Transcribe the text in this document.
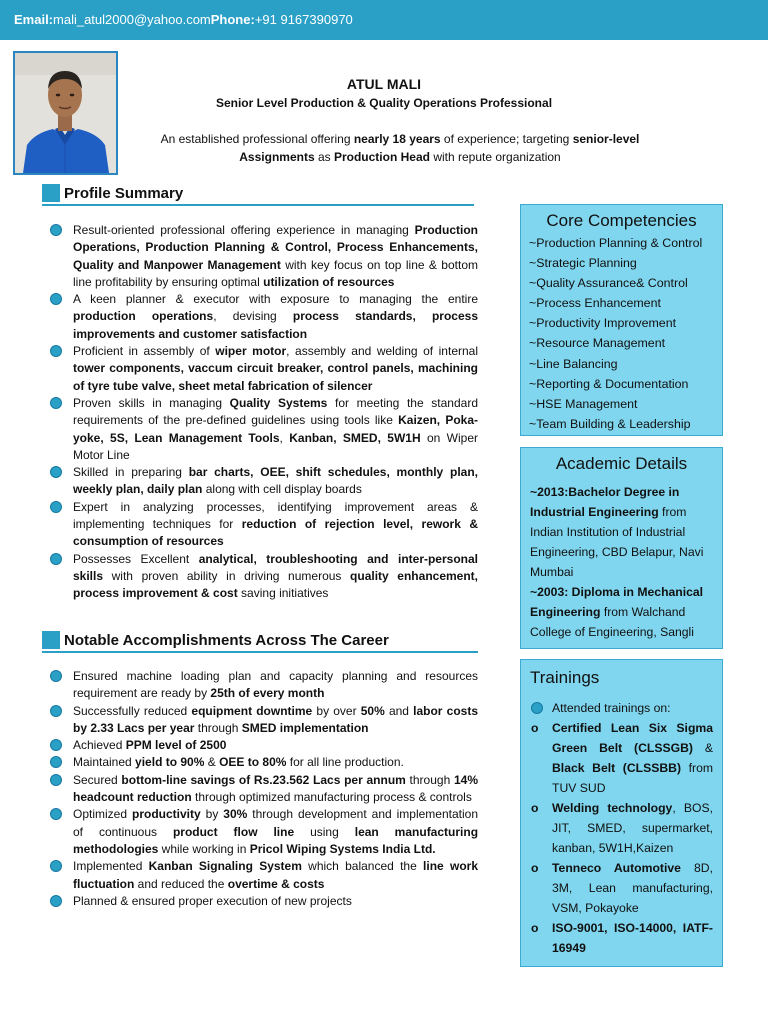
Email:mali_atul2000@yahoo.comPhone:+91 9167390970
ATUL MALI
Senior Level Production & Quality Operations Professional
An established professional offering nearly 18 years of experience; targeting senior-level Assignments as Production Head with repute organization
Profile Summary
Result-oriented professional offering experience in managing Production Operations, Production Planning & Control, Process Enhancements, Quality and Manpower Management with key focus on top line & bottom line profitability by ensuring optimal utilization of resources
A keen planner & executor with exposure to managing the entire production operations, devising process standards, process improvements and customer satisfaction
Proficient in assembly of wiper motor, assembly and welding of internal tower components, vaccum circuit breaker, control panels, machining of tyre tube valve, sheet metal fabrication of silencer
Proven skills in managing Quality Systems for meeting the standard requirements of the pre-defined guidelines using tools like Kaizen, Poka-yoke, 5S, Lean Management Tools, Kanban, SMED, 5W1H on Wiper Motor Line
Skilled in preparing bar charts, OEE, shift schedules, monthly plan, weekly plan, daily plan along with cell display boards
Expert in analyzing processes, identifying improvement areas & implementing techniques for reduction of rejection level, rework & consumption of resources
Possesses Excellent analytical, troubleshooting and inter-personal skills with proven ability in driving numerous quality enhancement, process improvement & cost saving initiatives
Notable Accomplishments Across The Career
Ensured machine loading plan and capacity planning and resources requirement are ready by 25th of every month
Successfully reduced equipment downtime by over 50% and labor costs by 2.33 Lacs per year through SMED implementation
Achieved PPM level of 2500
Maintained yield to 90% & OEE to 80% for all line production.
Secured bottom-line savings of Rs.23.562 Lacs per annum through 14% headcount reduction through optimized manufacturing process & controls
Optimized productivity by 30% through development and implementation of continuous product flow line using lean manufacturing methodologies while working in Pricol Wiping Systems India Ltd.
Implemented Kanban Signaling System which balanced the line work fluctuation and reduced the overtime & costs
Planned & ensured proper execution of new projects
Core Competencies
~Production Planning & Control
~Strategic Planning
~Quality Assurance& Control
~Process Enhancement
~Productivity Improvement
~Resource Management
~Line Balancing
~Reporting & Documentation
~HSE Management
~Team Building & Leadership
Academic Details
~2013:Bachelor Degree in Industrial Engineering from Indian Institution of Industrial Engineering, CBD Belapur, Navi Mumbai
~2003: Diploma in Mechanical Engineering from Walchand College of Engineering, Sangli
Trainings
Attended trainings on:
o Certified Lean Six Sigma Green Belt (CLSSGB) & Black Belt (CLSSBB) from TUV SUD
o Welding technology, BOS, JIT, SMED, supermarket, kanban, 5W1H,Kaizen
o Tenneco Automotive 8D, 3M, Lean manufacturing, VSM, Pokayoke
o ISO-9001, ISO-14000, IATF-16949
